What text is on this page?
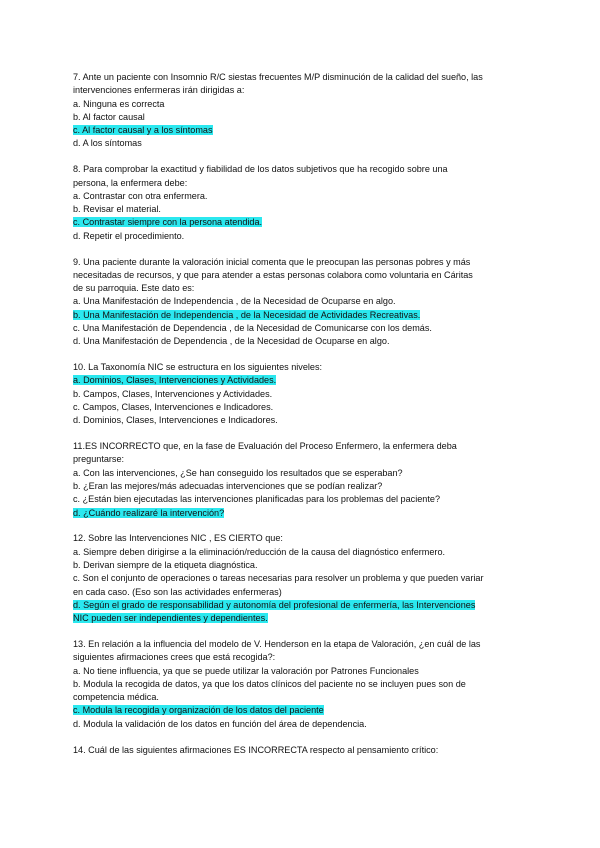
7. Ante un paciente con Insomnio R/C siestas frecuentes M/P disminución de la calidad del sueño, las
intervenciones enfermeras irán dirigidas a:
a. Ninguna es correcta
b. Al factor causal
c. Al factor causal y a los síntomas
d. A los síntomas
8. Para comprobar la exactitud y fiabilidad de los datos subjetivos que ha recogido sobre una
persona, la enfermera debe:
a. Contrastar con otra enfermera.
b. Revisar el material.
c. Contrastar siempre con la persona atendida.
d. Repetir el procedimiento.
9. Una paciente durante la valoración inicial comenta que le preocupan las personas pobres y más
necesitadas de recursos, y que para atender a estas personas colabora como voluntaria en Cáritas
de su parroquia. Este dato es:
a. Una Manifestación de Independencia , de la Necesidad de Ocuparse en algo.
b. Una Manifestación de Independencia , de la Necesidad de Actividades Recreativas.
c. Una Manifestación de Dependencia , de la Necesidad de Comunicarse con los demás.
d. Una Manifestación de Dependencia , de la Necesidad de Ocuparse en algo.
10. La Taxonomía NIC se estructura en los siguientes niveles:
a. Dominios, Clases, Intervenciones y Actividades.
b. Campos, Clases, Intervenciones y Actividades.
c. Campos, Clases, Intervenciones e Indicadores.
d. Dominios, Clases, Intervenciones e Indicadores.
11.ES INCORRECTO que, en la fase de Evaluación del Proceso Enfermero, la enfermera deba
preguntarse:
a. Con las intervenciones, ¿Se han conseguido los resultados que se esperaban?
b. ¿Eran las mejores/más adecuadas intervenciones que se podían realizar?
c. ¿Están bien ejecutadas las intervenciones planificadas para los problemas del paciente?
d. ¿Cuándo realizaré la intervención?
12. Sobre las Intervenciones NIC , ES CIERTO que:
a. Siempre deben dirigirse a la eliminación/reducción de la causa del diagnóstico enfermero.
b. Derivan siempre de la etiqueta diagnóstica.
c. Son el conjunto de operaciones o tareas necesarias para resolver un problema y que pueden variar
en cada caso. (Eso son las actividades enfermeras)
d. Según el grado de responsabilidad y autonomía del profesional de enfermería, las Intervenciones
NIC pueden ser independientes y dependientes.
13. En relación a la influencia del modelo de V. Henderson en la etapa de Valoración, ¿en cuál de las
siguientes afirmaciones crees que está recogida?:
a. No tiene influencia, ya que se puede utilizar la valoración por Patrones Funcionales
b. Modula la recogida de datos, ya que los datos clínicos del paciente no se incluyen pues son de
competencia médica.
c. Modula la recogida y organización de los datos del paciente
d. Modula la validación de los datos en función del área de dependencia.
14. Cuál de las siguientes afirmaciones ES INCORRECTA respecto al pensamiento crítico:
